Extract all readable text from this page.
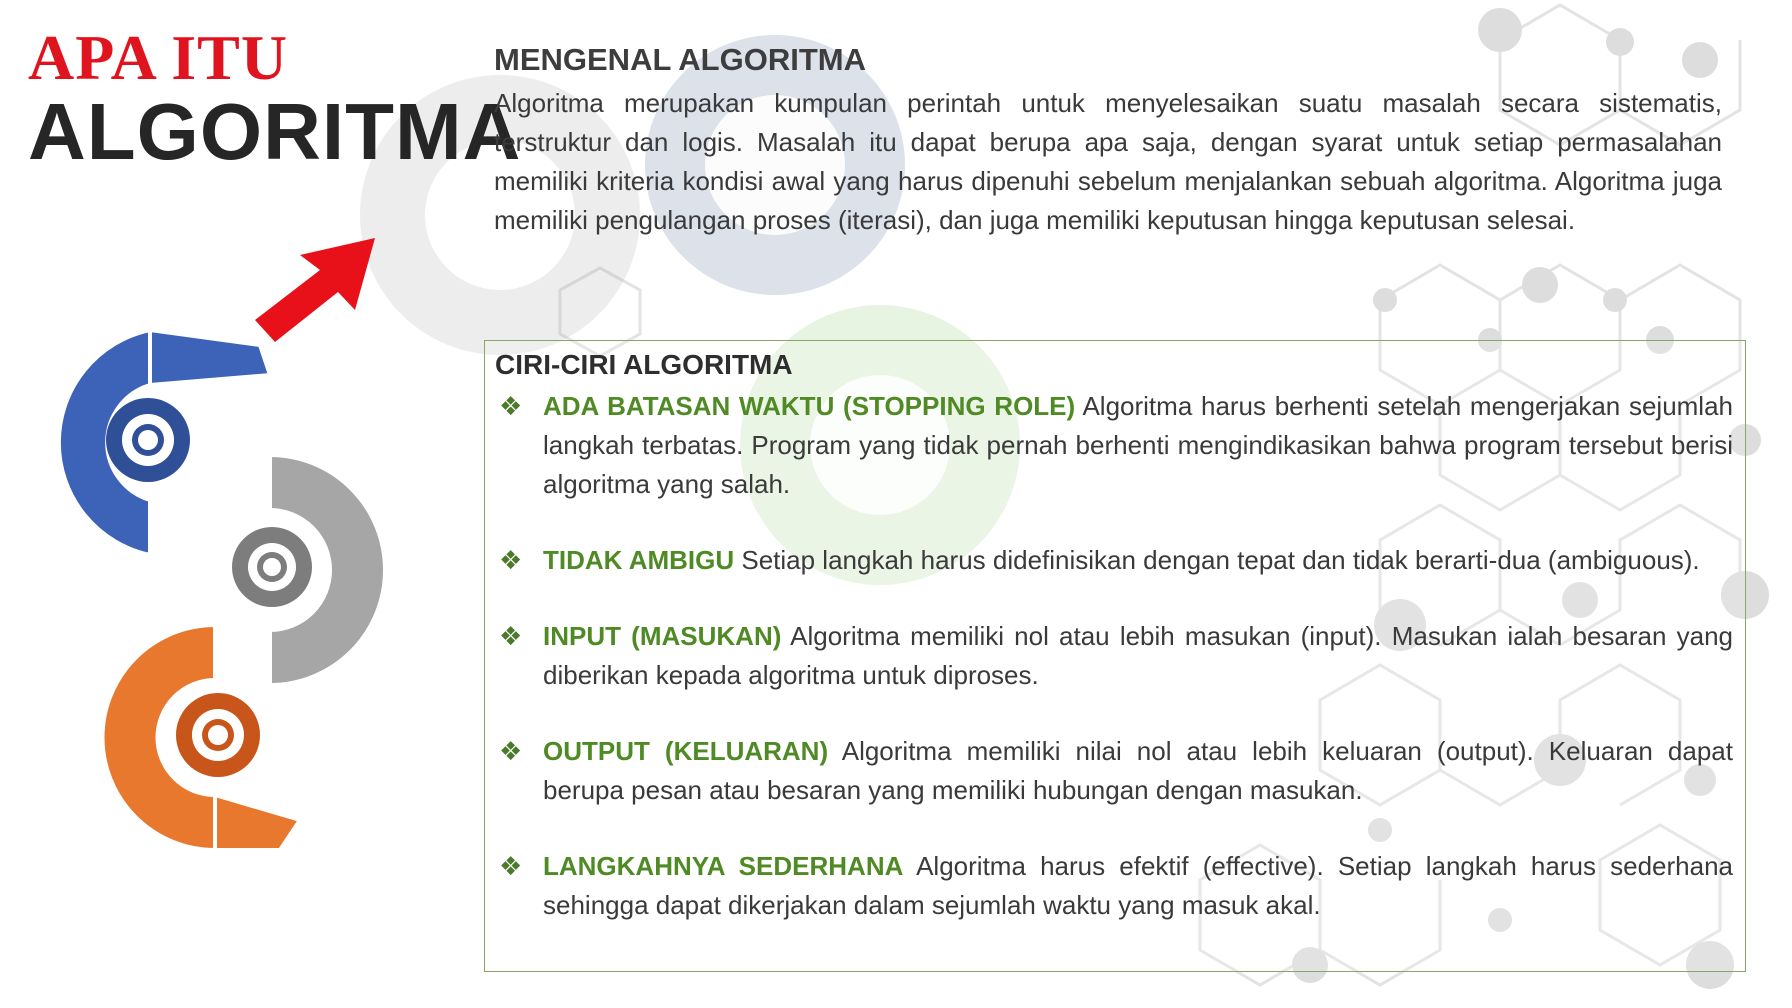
APA ITU
ALGORITMA
MENGENAL ALGORITMA
Algoritma merupakan kumpulan perintah untuk menyelesaikan suatu masalah secara sistematis, terstruktur dan logis. Masalah itu dapat berupa apa saja, dengan syarat untuk setiap permasalahan memiliki kriteria kondisi awal yang harus dipenuhi sebelum menjalankan sebuah algoritma. Algoritma juga memiliki pengulangan proses (iterasi), dan juga memiliki keputusan hingga keputusan selesai.
CIRI-CIRI ALGORITMA
❖ ADA BATASAN WAKTU (STOPPING ROLE) Algoritma harus berhenti setelah mengerjakan sejumlah langkah terbatas. Program yang tidak pernah berhenti mengindikasikan bahwa program tersebut berisi algoritma yang salah.
❖ TIDAK AMBIGU Setiap langkah harus didefinisikan dengan tepat dan tidak berarti-dua (ambiguous).
❖ INPUT (MASUKAN) Algoritma memiliki nol atau lebih masukan (input). Masukan ialah besaran yang diberikan kepada algoritma untuk diproses.
❖ OUTPUT (KELUARAN) Algoritma memiliki nilai nol atau lebih keluaran (output). Keluaran dapat berupa pesan atau besaran yang memiliki hubungan dengan masukan.
❖ LANGKAHNYA SEDERHANA Algoritma harus efektif (effective). Setiap langkah harus sederhana sehingga dapat dikerjakan dalam sejumlah waktu yang masuk akal.
